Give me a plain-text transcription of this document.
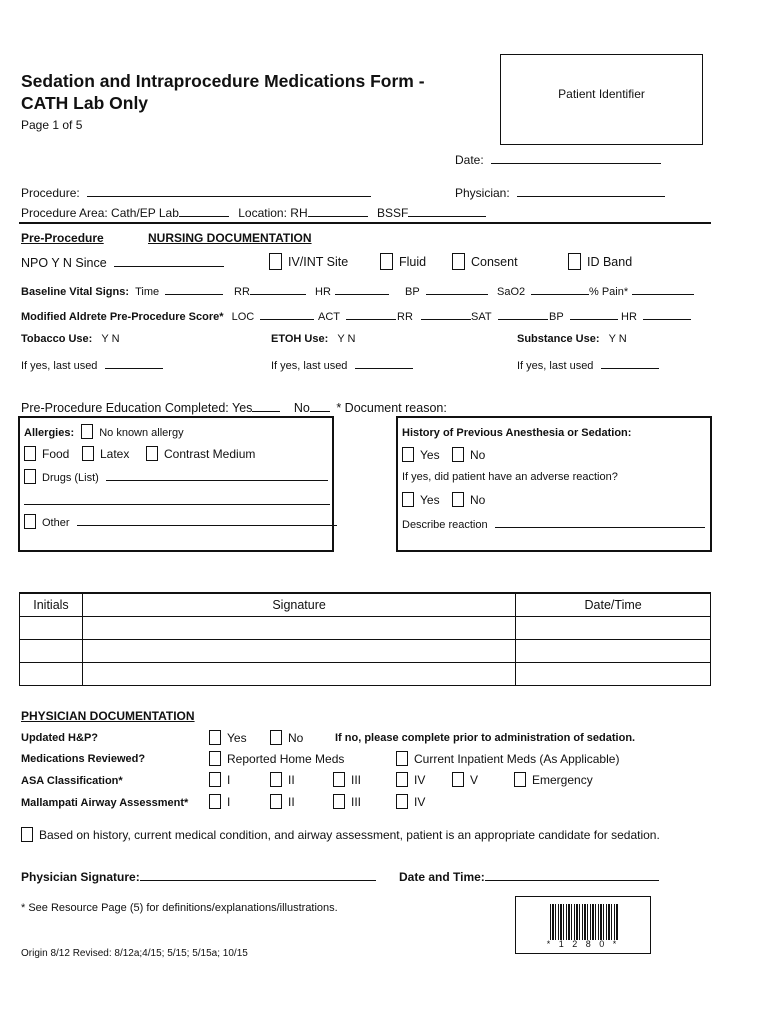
Sedation and Intraprocedure Medications Form -
CATH Lab Only
Page 1 of 5
Patient Identifier
Date:
Procedure:	Physician:
Procedure Area: Cath/EP Lab	Location: RH	BSSF
Pre-Procedure	NURSING DOCUMENTATION
NPO Y N Since	IV/INT Site	Fluid	Consent	ID Band
Baseline Vital Signs: Time	RR	HR	BP	SaO2	% Pain*
Modified Aldrete Pre-Procedure Score* LOC	ACT	RR	SAT	BP	HR
Tobacco Use: Y N	ETOH Use: Y N	Substance Use: Y N
If yes, last used	If yes, last used	If yes, last used
Pre-Procedure Education Completed: Yes	No * Document reason:
Allergies: No known allergy
Food	Latex	Contrast Medium
Drugs (List)
Other
History of Previous Anesthesia or Sedation:
Yes	No
If yes, did patient have an adverse reaction?
Yes	No
Describe reaction
Initials	Signature	Date/Time

PHYSICIAN DOCUMENTATION
Updated H&P?	Yes	No	If no, please complete prior to administration of sedation.
Medications Reviewed?	Reported Home Meds	Current Inpatient Meds (As Applicable)
ASA Classification*	I	II	III	IV	V	Emergency
Mallampati Airway Assessment*	I	II	III	IV
Based on history, current medical condition, and airway assessment, patient is an appropriate candidate for sedation.
Physician Signature:	Date and Time:
* See Resource Page (5) for definitions/explanations/illustrations.
* 1 2 8 0 *
Origin 8/12 Revised: 8/12a;4/15; 5/15; 5/15a; 10/15
